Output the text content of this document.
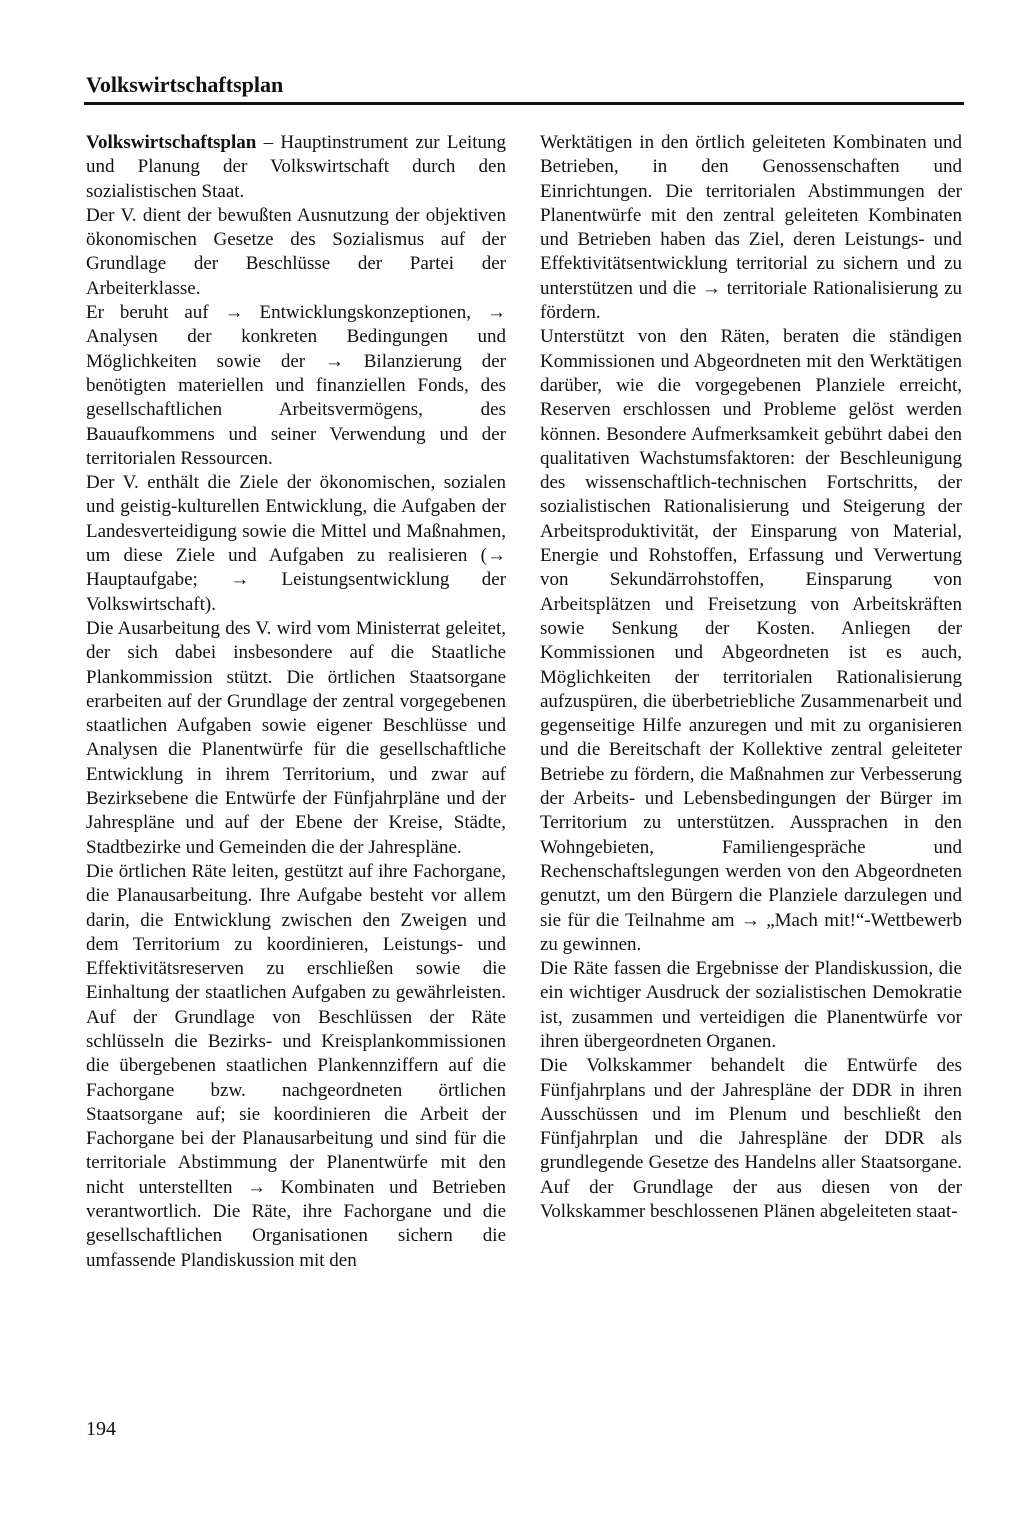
Volkswirtschaftsplan

Volkswirtschaftsplan – Hauptinstrument zur Leitung und Planung der Volkswirtschaft durch den sozialistischen Staat.

Der V. dient der bewußten Ausnutzung der objektiven ökonomischen Gesetze des Sozialismus auf der Grundlage der Beschlüsse der Partei der Arbeiterklasse.

Er beruht auf → Entwicklungskonzeptionen, → Analysen der konkreten Bedingungen und Möglichkeiten sowie der → Bilanzierung der benötigten materiellen und finanziellen Fonds, des gesellschaftlichen Arbeitsvermögens, des Bauaufkommens und seiner Verwendung und der territorialen Ressourcen.

Der V. enthält die Ziele der ökonomischen, sozialen und geistig-kulturellen Entwicklung, die Aufgaben der Landesverteidigung sowie die Mittel und Maßnahmen, um diese Ziele und Aufgaben zu realisieren (→ Hauptaufgabe; → Leistungsentwicklung der Volkswirtschaft).

Die Ausarbeitung des V. wird vom Ministerrat geleitet, der sich dabei insbesondere auf die Staatliche Plankommission stützt. Die örtlichen Staatsorgane erarbeiten auf der Grundlage der zentral vorgegebenen staatlichen Aufgaben sowie eigener Beschlüsse und Analysen die Planentwürfe für die gesellschaftliche Entwicklung in ihrem Territorium, und zwar auf Bezirksebene die Entwürfe der Fünfjahrpläne und der Jahrespläne und auf der Ebene der Kreise, Städte, Stadtbezirke und Gemeinden die der Jahrespläne.

Die örtlichen Räte leiten, gestützt auf ihre Fachorgane, die Planausarbeitung. Ihre Aufgabe besteht vor allem darin, die Entwicklung zwischen den Zweigen und dem Territorium zu koordinieren, Leistungs- und Effektivitätsreserven zu erschließen sowie die Einhaltung der staatlichen Aufgaben zu gewährleisten. Auf der Grundlage von Beschlüssen der Räte schlüsseln die Bezirks- und Kreisplankommissionen die übergebenen staatlichen Plankennziffern auf die Fachorgane bzw. nachgeordneten örtlichen Staatsorgane auf; sie koordinieren die Arbeit der Fachorgane bei der Planausarbeitung und sind für die territoriale Abstimmung der Planentwürfe mit den nicht unterstellten → Kombinaten und Betrieben verantwortlich. Die Räte, ihre Fachorgane und die gesellschaftlichen Organisationen sichern die umfassende Plandiskussion mit den

Werktätigen in den örtlich geleiteten Kombinaten und Betrieben, in den Genossenschaften und Einrichtungen. Die territorialen Abstimmungen der Planentwürfe mit den zentral geleiteten Kombinaten und Betrieben haben das Ziel, deren Leistungs- und Effektivitätsentwicklung territorial zu sichern und zu unterstützen und die → territoriale Rationalisierung zu fördern.

Unterstützt von den Räten, beraten die ständigen Kommissionen und Abgeordneten mit den Werktätigen darüber, wie die vorgegebenen Planziele erreicht, Reserven erschlossen und Probleme gelöst werden können. Besondere Aufmerksamkeit gebührt dabei den qualitativen Wachstumsfaktoren: der Beschleunigung des wissenschaftlich-technischen Fortschritts, der sozialistischen Rationalisierung und Steigerung der Arbeitsproduktivität, der Einsparung von Material, Energie und Rohstoffen, Erfassung und Verwertung von Sekundärrohstoffen, Einsparung von Arbeitsplätzen und Freisetzung von Arbeitskräften sowie Senkung der Kosten. Anliegen der Kommissionen und Abgeordneten ist es auch, Möglichkeiten der territorialen Rationalisierung aufzuspüren, die überbetriebliche Zusammenarbeit und gegenseitige Hilfe anzuregen und mit zu organisieren und die Bereitschaft der Kollektive zentral geleiteter Betriebe zu fördern, die Maßnahmen zur Verbesserung der Arbeits- und Lebensbedingungen der Bürger im Territorium zu unterstützen. Aussprachen in den Wohngebieten, Familiengespräche und Rechenschaftslegungen werden von den Abgeordneten genutzt, um den Bürgern die Planziele darzulegen und sie für die Teilnahme am → „Mach mit!“-Wettbewerb zu gewinnen.

Die Räte fassen die Ergebnisse der Plandiskussion, die ein wichtiger Ausdruck der sozialistischen Demokratie ist, zusammen und verteidigen die Planentwürfe vor ihren übergeordneten Organen.

Die Volkskammer behandelt die Entwürfe des Fünfjahrplans und der Jahrespläne der DDR in ihren Ausschüssen und im Plenum und beschließt den Fünfjahrplan und die Jahrespläne der DDR als grundlegende Gesetze des Handelns aller Staatsorgane. Auf der Grundlage der aus diesen von der Volkskammer beschlossenen Plänen abgeleiteten staat-

194
